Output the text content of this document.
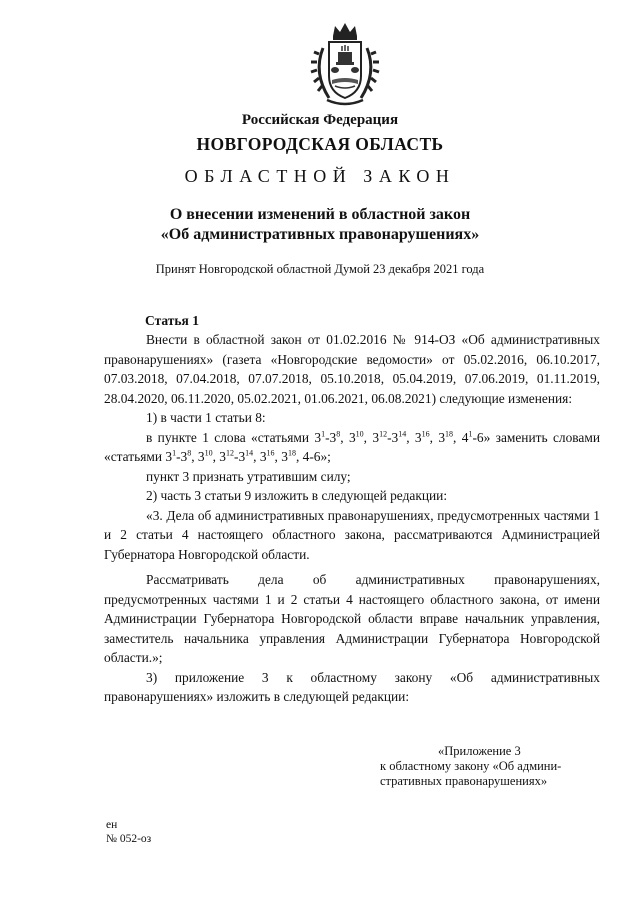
Российская Федерация

НОВГОРОДСКАЯ ОБЛАСТЬ

ОБЛАСТНОЙ ЗАКОН

О внесении изменений в областной закон
«Об административных правонарушениях»

Принят Новгородской областной Думой 23 декабря 2021 года

Статья 1

Внести в областной закон от 01.02.2016 № 914-ОЗ «Об административных правонарушениях» (газета «Новгородские ведомости» от 05.02.2016, 06.10.2017, 07.03.2018, 07.04.2018, 07.07.2018, 05.10.2018, 05.04.2019, 07.06.2019, 01.11.2019, 28.04.2020, 06.11.2020, 05.02.2021, 01.06.2021, 06.08.2021) следующие изменения:

1) в части 1 статьи 8:

в пункте 1 слова «статьями $3^1-3^8$, $3^{10}$, $3^{12}-3^{14}$, $3^{16}$, $3^{18}$, $4^1-6$» заменить словами «статьями $3^1-3^8$, $3^{10}$, $3^{12}-3^{14}$, $3^{16}$, $3^{18}$, 4-6»;

пункт 3 признать утратившим силу;

2) часть 3 статьи 9 изложить в следующей редакции:

«3. Дела об административных правонарушениях, предусмотренных частями 1 и 2 статьи 4 настоящего областного закона, рассматриваются Администрацией Губернатора Новгородской области.

Рассматривать дела об административных правонарушениях, предусмотренных частями 1 и 2 статьи 4 настоящего областного закона, от имени Администрации Губернатора Новгородской области вправе начальник управления, заместитель начальника управления Администрации Губернатора Новгородской области.»;

3) приложение 3 к областному закону «Об административных правонарушениях» изложить в следующей редакции:

«Приложение 3
к областному закону «Об админи-
стративных правонарушениях»

ен
№ 052-оз
